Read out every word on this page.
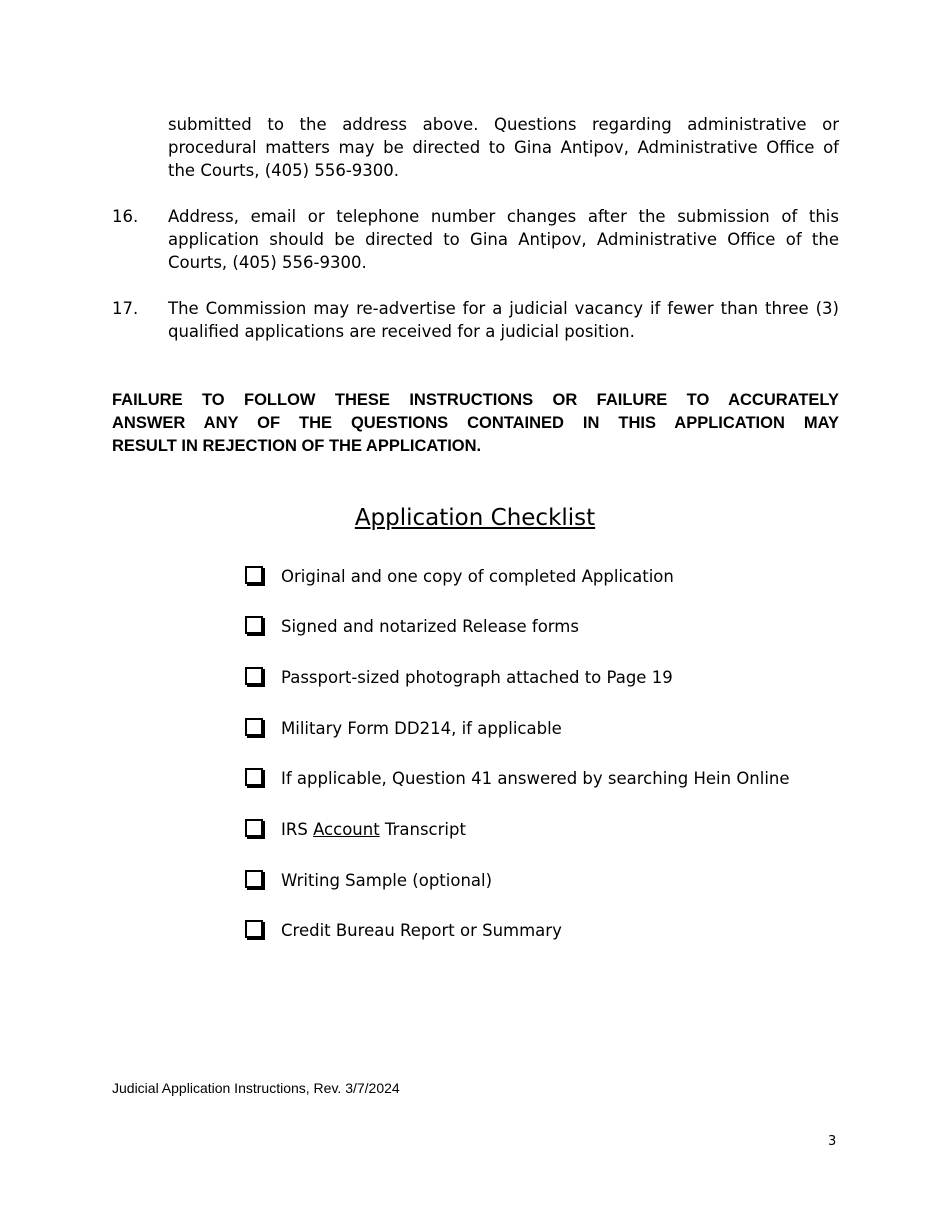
submitted to the address above. Questions regarding administrative or
procedural matters may be directed to Gina Antipov, Administrative Office of
the Courts, (405) 556-9300.
16. Address, email or telephone number changes after the submission of this
application should be directed to Gina Antipov, Administrative Office of the
Courts, (405) 556-9300.
17. The Commission may re-advertise for a judicial vacancy if fewer than three (3)
qualified applications are received for a judicial position.
FAILURE TO FOLLOW THESE INSTRUCTIONS OR FAILURE TO ACCURATELY
ANSWER ANY OF THE QUESTIONS CONTAINED IN THIS APPLICATION MAY
RESULT IN REJECTION OF THE APPLICATION.
Application Checklist
Original and one copy of completed Application
Signed and notarized Release forms
Passport-sized photograph attached to Page 19
Military Form DD214, if applicable
If applicable, Question 41 answered by searching Hein Online
IRS Account Transcript
Writing Sample (optional)
Credit Bureau Report or Summary
Judicial Application Instructions, Rev. 3/7/2024
3
